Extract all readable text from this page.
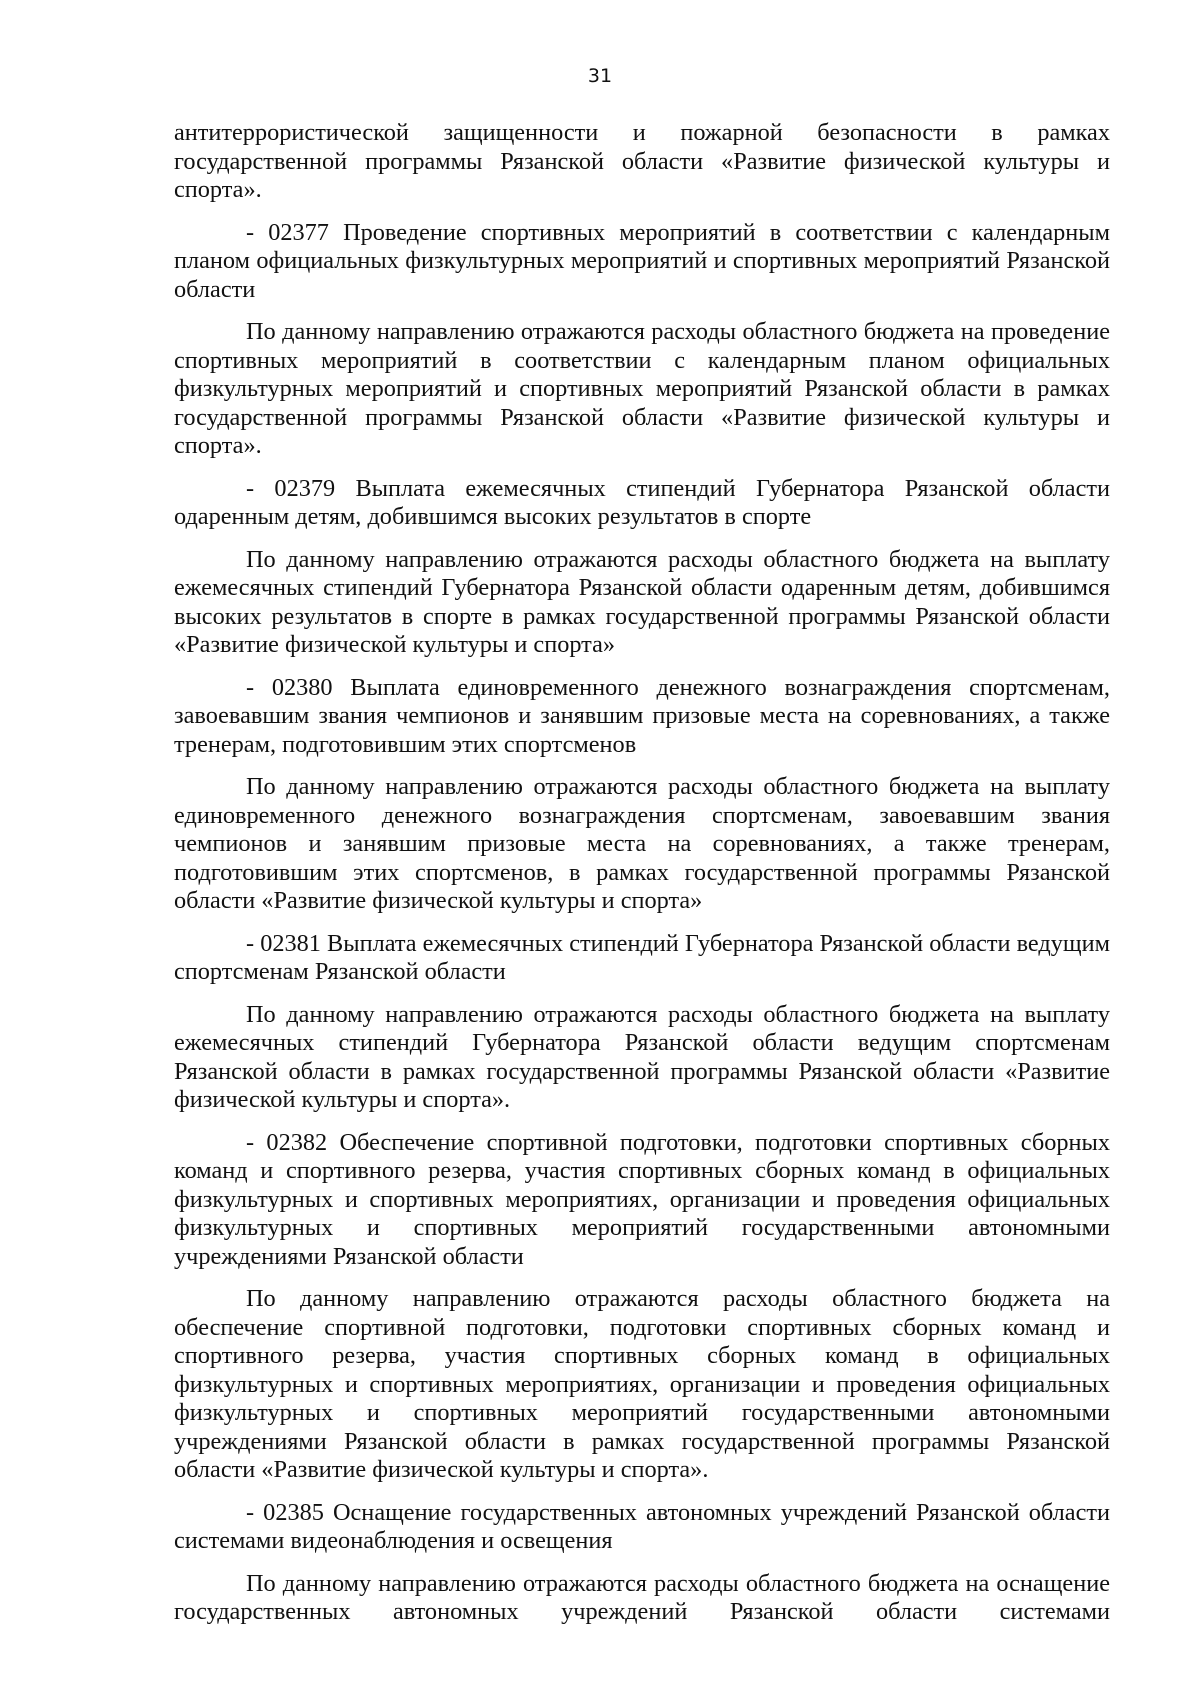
31

антитеррористической защищенности и пожарной безопасности в рамках государственной программы Рязанской области «Развитие физической культуры и спорта».

- 02377 Проведение спортивных мероприятий в соответствии с календарным планом официальных физкультурных мероприятий и спортивных мероприятий Рязанской области

По данному направлению отражаются расходы областного бюджета на проведение спортивных мероприятий в соответствии с календарным планом официальных физкультурных мероприятий и спортивных мероприятий Рязанской области в рамках государственной программы Рязанской области «Развитие физической культуры и спорта».

- 02379 Выплата ежемесячных стипендий Губернатора Рязанской области одаренным детям, добившимся высоких результатов в спорте

По данному направлению отражаются расходы областного бюджета на выплату ежемесячных стипендий Губернатора Рязанской области одаренным детям, добившимся высоких результатов в спорте в рамках государственной программы Рязанской области «Развитие физической культуры и спорта»

- 02380 Выплата единовременного денежного вознаграждения спортсменам, завоевавшим звания чемпионов и занявшим призовые места на соревнованиях, а также тренерам, подготовившим этих спортсменов

По данному направлению отражаются расходы областного бюджета на выплату единовременного денежного вознаграждения спортсменам, завоевавшим звания чемпионов и занявшим призовые места на соревнованиях, а также тренерам, подготовившим этих спортсменов, в рамках государственной программы Рязанской области «Развитие физической культуры и спорта»

- 02381 Выплата ежемесячных стипендий Губернатора Рязанской области ведущим спортсменам Рязанской области

По данному направлению отражаются расходы областного бюджета на выплату ежемесячных стипендий Губернатора Рязанской области ведущим спортсменам Рязанской области в рамках государственной программы Рязанской области «Развитие физической культуры и спорта».

- 02382 Обеспечение спортивной подготовки, подготовки спортивных сборных команд и спортивного резерва, участия спортивных сборных команд в официальных физкультурных и спортивных мероприятиях, организации и проведения официальных физкультурных и спортивных мероприятий государственными автономными учреждениями Рязанской области

По данному направлению отражаются расходы областного бюджета на обеспечение спортивной подготовки, подготовки спортивных сборных команд и спортивного резерва, участия спортивных сборных команд в официальных физкультурных и спортивных мероприятиях, организации и проведения официальных физкультурных и спортивных мероприятий государственными автономными учреждениями Рязанской области в рамках государственной программы Рязанской области «Развитие физической культуры и спорта».

- 02385 Оснащение государственных автономных учреждений Рязанской области системами видеонаблюдения и освещения

По данному направлению отражаются расходы областного бюджета на оснащение государственных автономных учреждений Рязанской области системами
